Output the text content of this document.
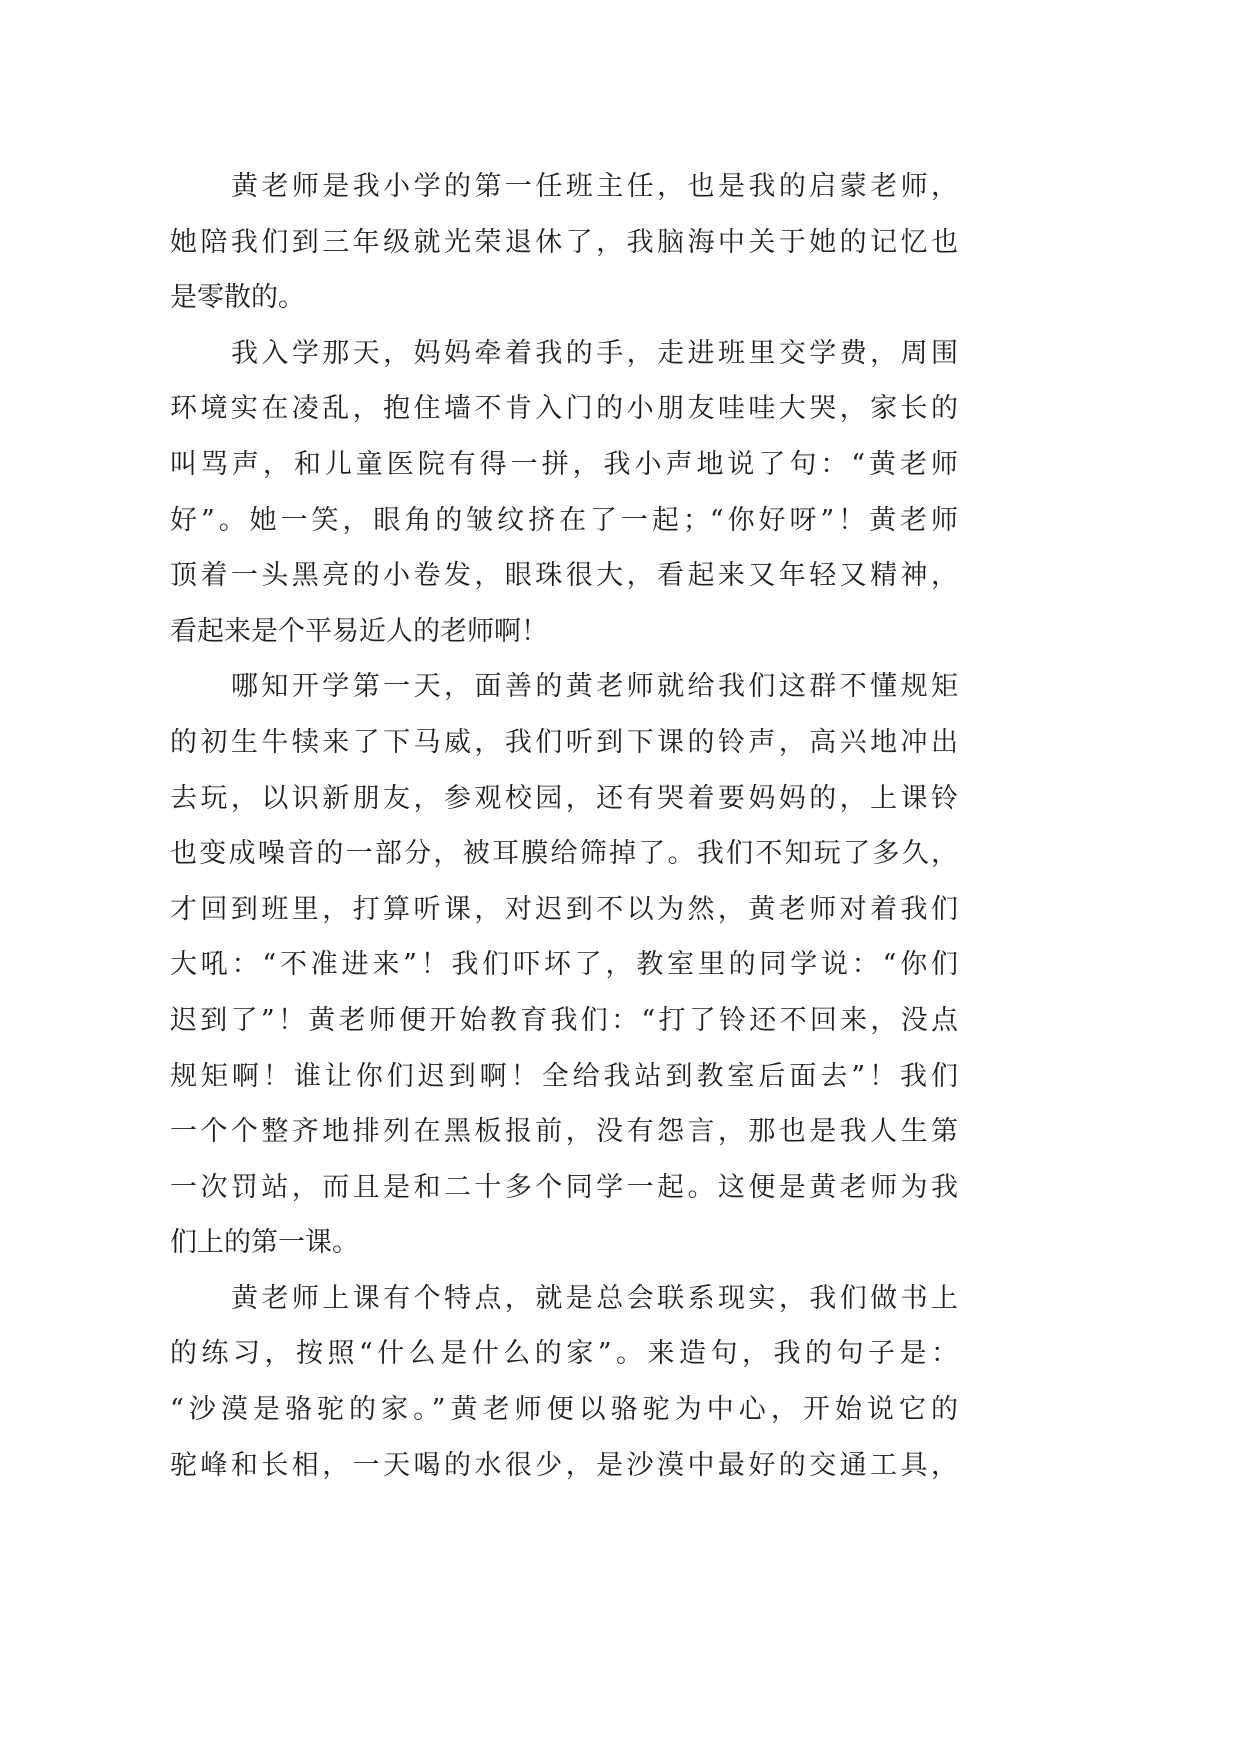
黄老师是我小学的第一任班主任，也是我的启蒙老师，
她陪我们到三年级就光荣退休了，我脑海中关于她的记忆也
是零散的。
我入学那天，妈妈牵着我的手，走进班里交学费，周围
环境实在凌乱，抱住墙不肯入门的小朋友哇哇大哭，家长的
叫骂声，和儿童医院有得一拼，我小声地说了句：“黄老师
好”。她一笑，眼角的皱纹挤在了一起；“你好呀”！黄老师
顶着一头黑亮的小卷发，眼珠很大，看起来又年轻又精神，
看起来是个平易近人的老师啊！
哪知开学第一天，面善的黄老师就给我们这群不懂规矩
的初生牛犊来了下马威，我们听到下课的铃声，高兴地冲出
去玩，以识新朋友，参观校园，还有哭着要妈妈的，上课铃
也变成噪音的一部分，被耳膜给筛掉了。我们不知玩了多久，
才回到班里，打算听课，对迟到不以为然，黄老师对着我们
大吼：“不准进来”！我们吓坏了，教室里的同学说：“你们
迟到了”！黄老师便开始教育我们：“打了铃还不回来，没点
规矩啊！谁让你们迟到啊！全给我站到教室后面去”！我们
一个个整齐地排列在黑板报前，没有怨言，那也是我人生第
一次罚站，而且是和二十多个同学一起。这便是黄老师为我
们上的第一课。
黄老师上课有个特点，就是总会联系现实，我们做书上
的练习，按照“什么是什么的家”。来造句，我的句子是：
“沙漠是骆驼的家。”黄老师便以骆驼为中心，开始说它的
驼峰和长相，一天喝的水很少，是沙漠中最好的交通工具，
